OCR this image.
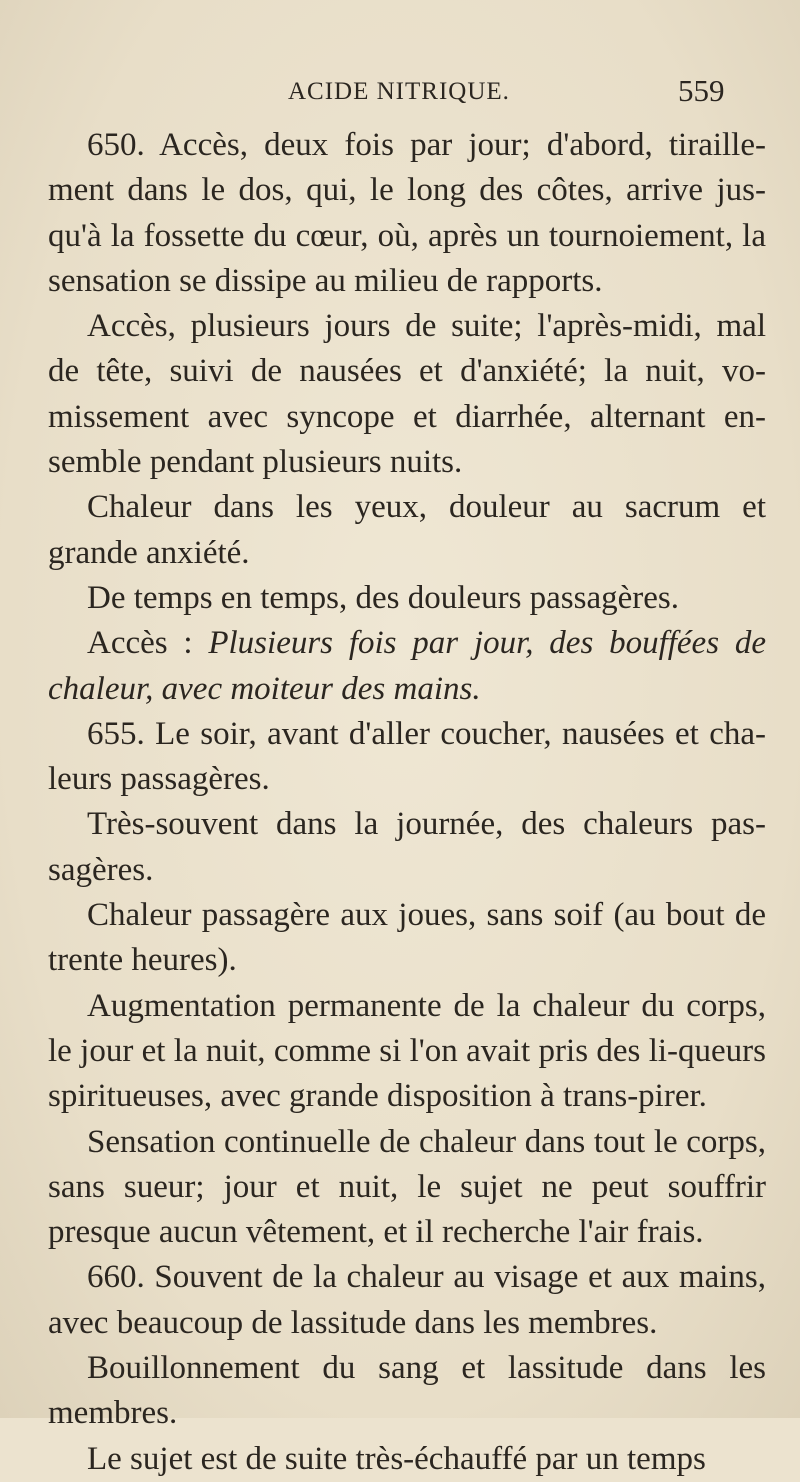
ACIDE NITRIQUE.	559

650. Accès, deux fois par jour; d'abord, tiraille-ment dans le dos, qui, le long des côtes, arrive jus-qu'à la fossette du cœur, où, après un tournoiement, la sensation se dissipe au milieu de rapports.

Accès, plusieurs jours de suite; l'après-midi, mal de tête, suivi de nausées et d'anxiété; la nuit, vo-missement avec syncope et diarrhée, alternant en-semble pendant plusieurs nuits.

Chaleur dans les yeux, douleur au sacrum et grande anxiété.

De temps en temps, des douleurs passagères.

Accès : Plusieurs fois par jour, des bouffées de chaleur, avec moiteur des mains.

655. Le soir, avant d'aller coucher, nausées et cha-leurs passagères.

Très-souvent dans la journée, des chaleurs pas-sagères.

Chaleur passagère aux joues, sans soif (au bout de trente heures).

Augmentation permanente de la chaleur du corps, le jour et la nuit, comme si l'on avait pris des li-queurs spiritueuses, avec grande disposition à trans-pirer.

Sensation continuelle de chaleur dans tout le corps, sans sueur; jour et nuit, le sujet ne peut souffrir presque aucun vêtement, et il recherche l'air frais.

660. Souvent de la chaleur au visage et aux mains, avec beaucoup de lassitude dans les membres.

Bouillonnement du sang et lassitude dans les membres.

Le sujet est de suite très-échauffé par un temps
